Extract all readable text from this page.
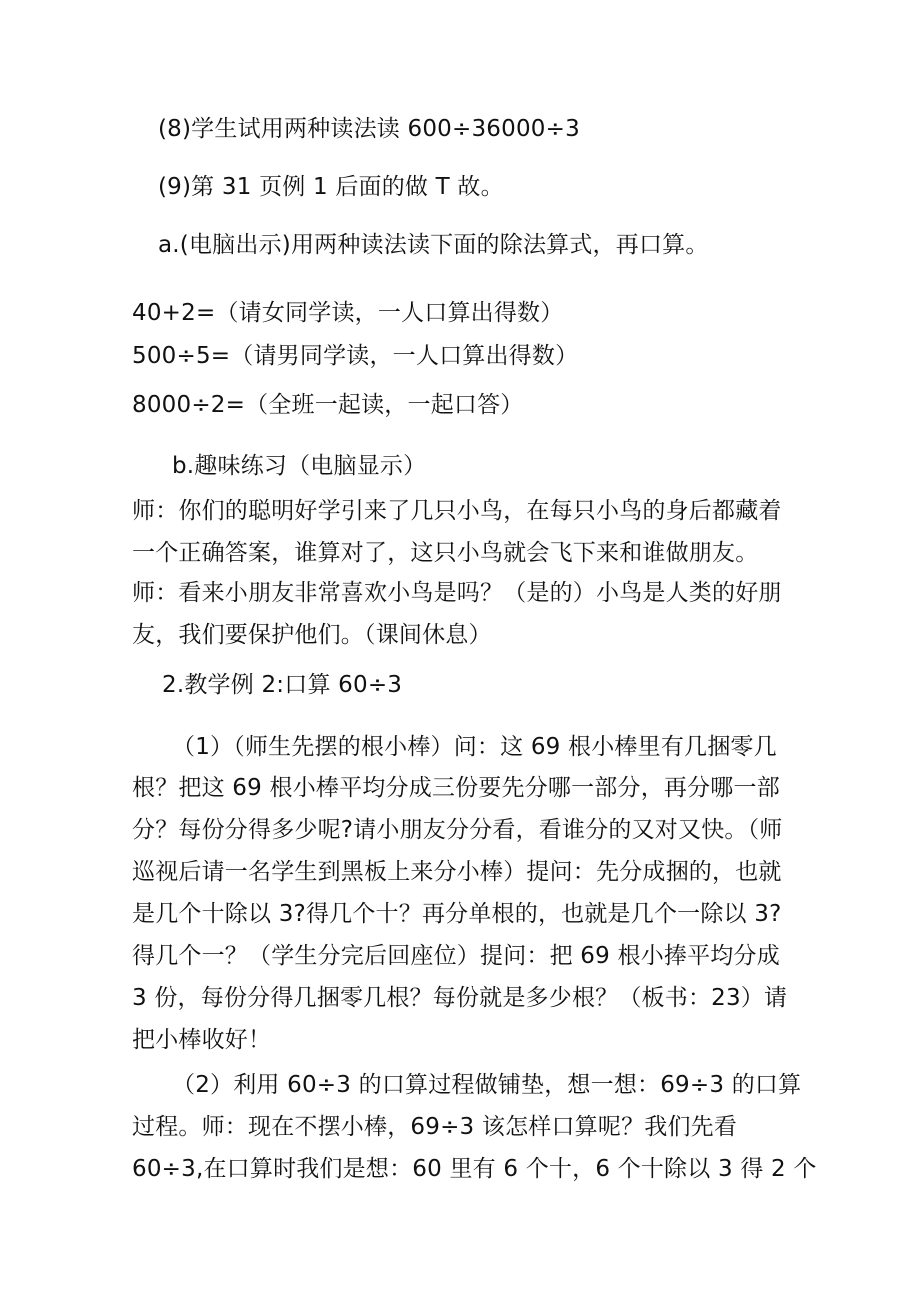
(8)学生试用两种读法读 600÷36000÷3
(9)第 31 页例 1 后面的做 T 故。
a.(电脑出示)用两种读法读下面的除法算式，再口算。
40+2=（请女同学读，一人口算出得数）
500÷5=（请男同学读，一人口算出得数）
8000÷2=（全班一起读，一起口答）
b.趣味练习（电脑显示）
师：你们的聪明好学引来了几只小鸟，在每只小鸟的身后都藏着
一个正确答案，谁算对了，这只小鸟就会飞下来和谁做朋友。
师：看来小朋友非常喜欢小鸟是吗？（是的）小鸟是人类的好朋
友，我们要保护他们。（课间休息）
2.教学例 2:口算 60÷3
（1）（师生先摆的根小棒）问：这 69 根小棒里有几捆零几
根？把这 69 根小棒平均分成三份要先分哪一部分，再分哪一部
分？每份分得多少呢?请小朋友分分看，看谁分的又对又快。（师
巡视后请一名学生到黑板上来分小棒）提问：先分成捆的，也就
是几个十除以 3?得几个十？再分单根的，也就是几个一除以 3?
得几个一？（学生分完后回座位）提问：把 69 根小捧平均分成
3 份，每份分得几捆零几根？每份就是多少根？（板书：23）请
把小棒收好！
（2）利用 60÷3 的口算过程做铺垫，想一想：69÷3 的口算
过程。师：现在不摆小棒，69÷3 该怎样口算呢？我们先看
60÷3,在口算时我们是想：60 里有 6 个十，6 个十除以 3 得 2 个
